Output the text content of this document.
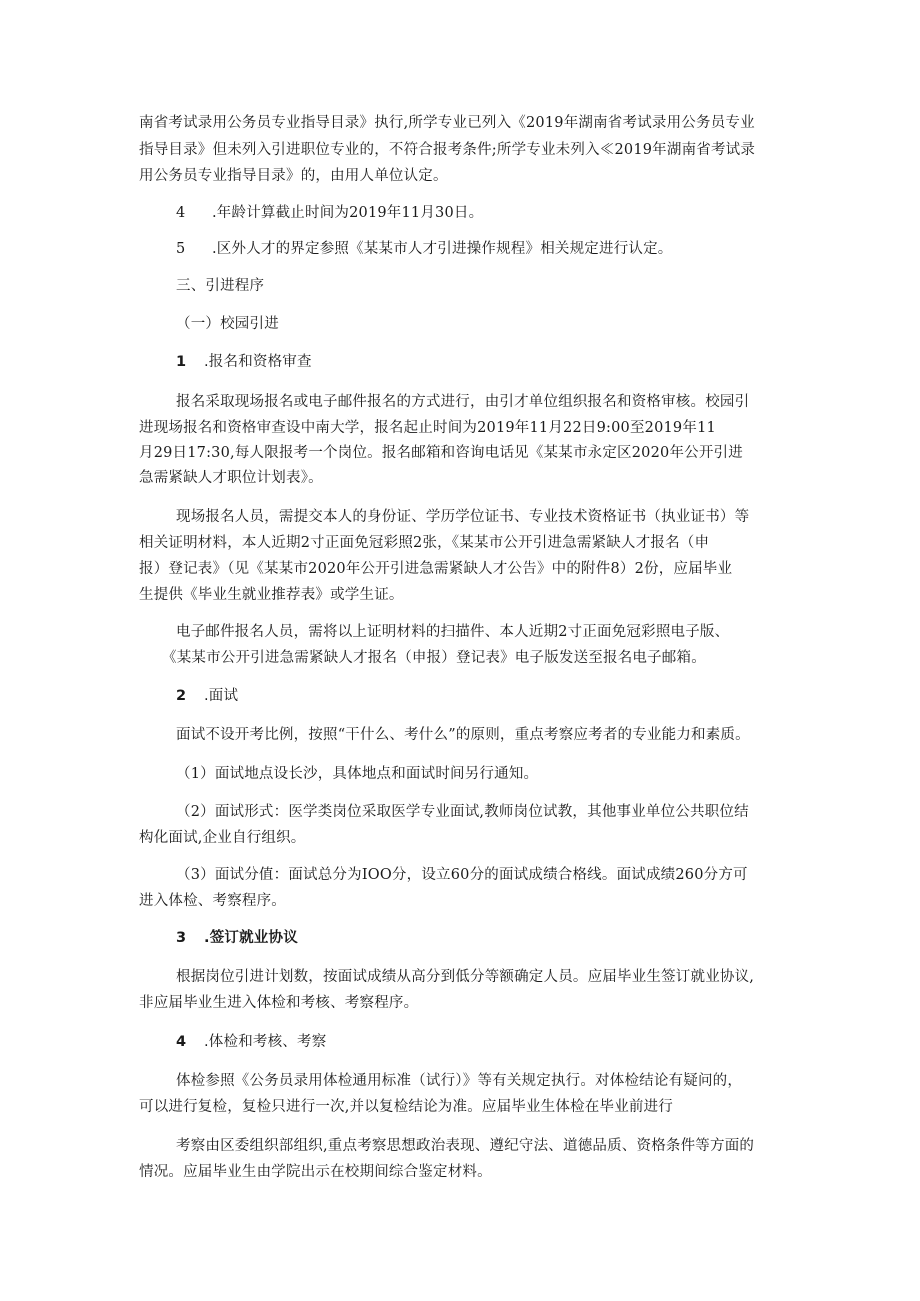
南省考试录用公务员专业指导目录》执行,所学专业已列入《2019年湖南省考试录用公务员专业
指导目录》但未列入引进职位专业的，不符合报考条件;所学专业未列入≪2019年湖南省考试录
用公务员专业指导目录》的，由用人单位认定。
4 .年龄计算截止时间为2019年11月30日。
5 .区外人才的界定参照《某某市人才引进操作规程》相关规定进行认定。
三、引进程序
（一）校园引进
1 .报名和资格审查
报名采取现场报名或电子邮件报名的方式进行，由引才单位组织报名和资格审核。校园引
进现场报名和资格审查设中南大学，报名起止时间为2019年11月22日9:00至2019年11
月29日17:30,每人限报考一个岗位。报名邮箱和咨询电话见《某某市永定区2020年公开引进
急需紧缺人才职位计划表》。
现场报名人员，需提交本人的身份证、学历学位证书、专业技术资格证书（执业证书）等
相关证明材料，本人近期2寸正面免冠彩照2张，《某某市公开引进急需紧缺人才报名（申
报）登记表》（见《某某市2020年公开引进急需紧缺人才公告》中的附件8）2份，应届毕业
生提供《毕业生就业推荐表》或学生证。
电子邮件报名人员，需将以上证明材料的扫描件、本人近期2寸正面免冠彩照电子版、
《某某市公开引进急需紧缺人才报名（申报）登记表》电子版发送至报名电子邮箱。
2 .面试
面试不设开考比例，按照“干什么、考什么”的原则，重点考察应考者的专业能力和素质。
（1）面试地点设长沙，具体地点和面试时间另行通知。
（2）面试形式：医学类岗位采取医学专业面试,教师岗位试教，其他事业单位公共职位结
构化面试,企业自行组织。
（3）面试分值：面试总分为IOO分，设立60分的面试成绩合格线。面试成绩260分方可
进入体检、考察程序。
3 .签订就业协议
根据岗位引进计划数，按面试成绩从高分到低分等额确定人员。应届毕业生签订就业协议,
非应届毕业生进入体检和考核、考察程序。
4 .体检和考核、考察
体检参照《公务员录用体检通用标准（试行）》等有关规定执行。对体检结论有疑问的，
可以进行复检，复检只进行一次,并以复检结论为准。应届毕业生体检在毕业前进行
考察由区委组织部组织,重点考察思想政治表现、遵纪守法、道德品质、资格条件等方面的
情况。应届毕业生由学院出示在校期间综合鉴定材料。
